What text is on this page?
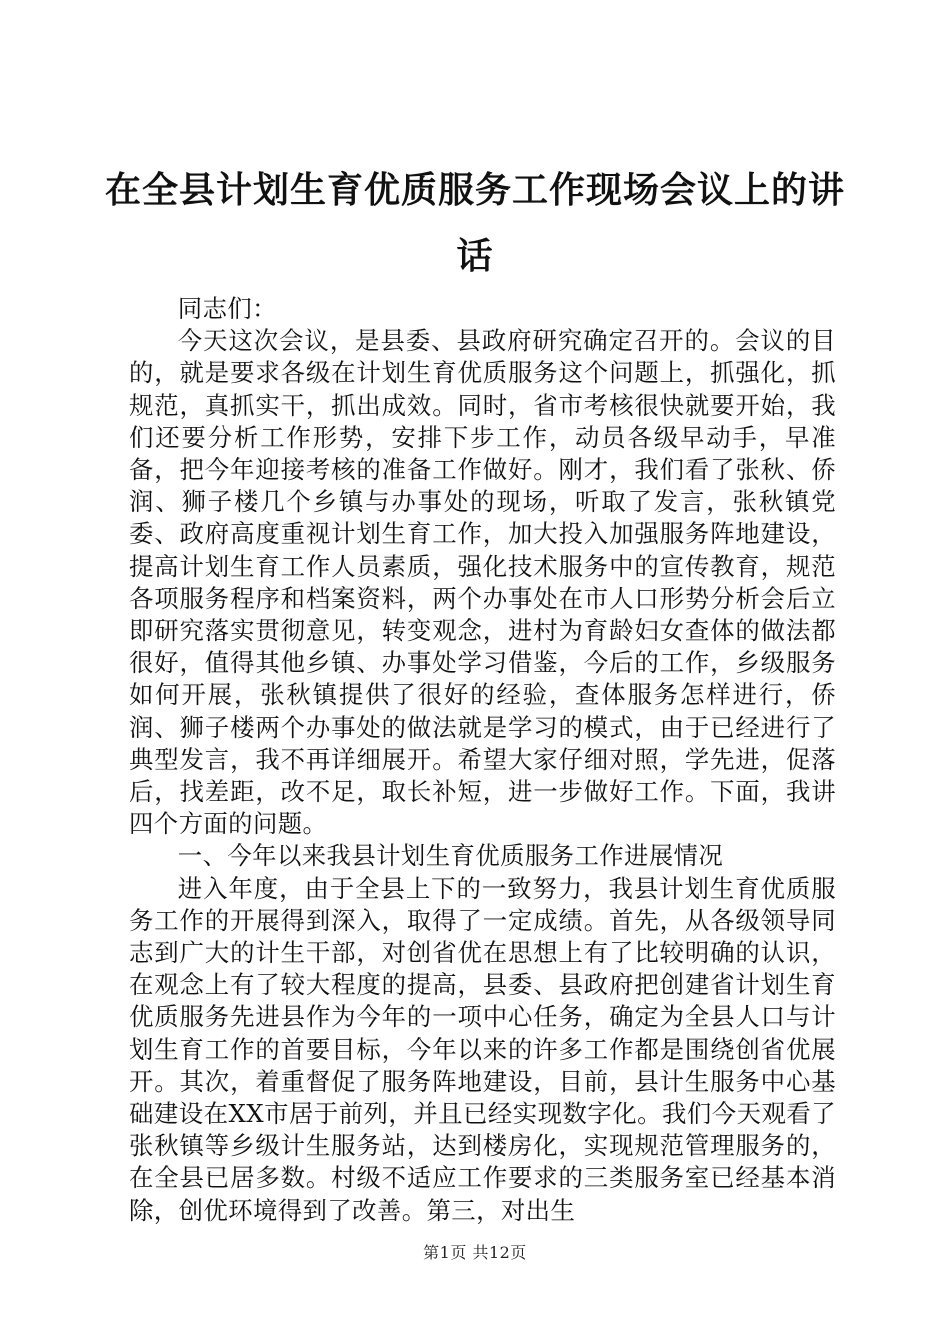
在全县计划生育优质服务工作现场会议上的讲话

同志们：

今天这次会议，是县委、县政府研究确定召开的。会议的目的，就是要求各级在计划生育优质服务这个问题上，抓强化，抓规范，真抓实干，抓出成效。同时，省市考核很快就要开始，我们还要分析工作形势，安排下步工作，动员各级早动手，早准备，把今年迎接考核的准备工作做好。刚才，我们看了张秋、侨润、狮子楼几个乡镇与办事处的现场，听取了发言，张秋镇党委、政府高度重视计划生育工作，加大投入加强服务阵地建设，提高计划生育工作人员素质，强化技术服务中的宣传教育，规范各项服务程序和档案资料，两个办事处在市人口形势分析会后立即研究落实贯彻意见，转变观念，进村为育龄妇女查体的做法都很好，值得其他乡镇、办事处学习借鉴，今后的工作，乡级服务如何开展，张秋镇提供了很好的经验，查体服务怎样进行，侨润、狮子楼两个办事处的做法就是学习的模式，由于已经进行了典型发言，我不再详细展开。希望大家仔细对照，学先进，促落后，找差距，改不足，取长补短，进一步做好工作。下面，我讲四个方面的问题。

一、今年以来我县计划生育优质服务工作进展情况

进入年度，由于全县上下的一致努力，我县计划生育优质服务工作的开展得到深入，取得了一定成绩。首先，从各级领导同志到广大的计生干部，对创省优在思想上有了比较明确的认识，在观念上有了较大程度的提高，县委、县政府把创建省计划生育优质服务先进县作为今年的一项中心任务，确定为全县人口与计划生育工作的首要目标，今年以来的许多工作都是围绕创省优展开。其次，着重督促了服务阵地建设，目前，县计生服务中心基础建设在XX市居于前列，并且已经实现数字化。我们今天观看了张秋镇等乡级计生服务站，达到楼房化，实现规范管理服务的，在全县已居多数。村级不适应工作要求的三类服务室已经基本消除，创优环境得到了改善。第三，对出生

第1页 共12页
